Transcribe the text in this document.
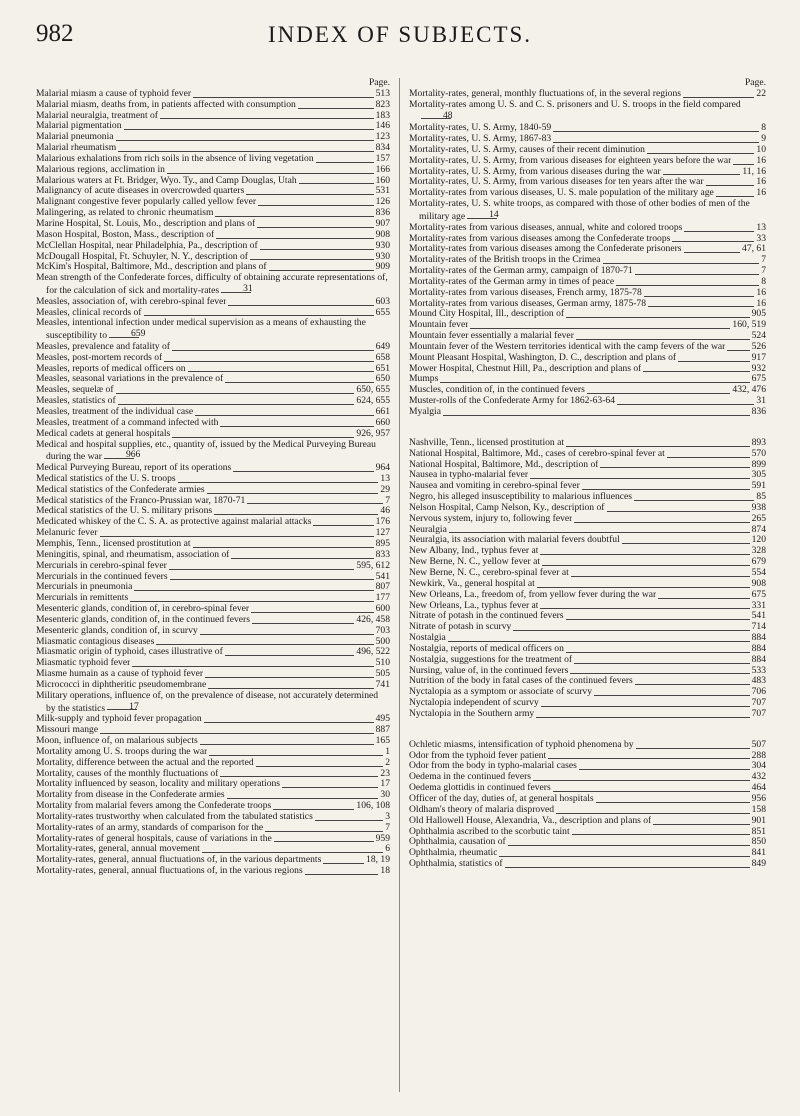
982	INDEX OF SUBJECTS.
Page.
Malarial miasm a cause of typhoid fever	513
Malarial miasm, deaths from, in patients affected with consumption	823
Malarial neuralgia, treatment of	183
Malarial pigmentation	146
Malarial pneumonia	123
Malarial rheumatism	834
Malarious exhalations from rich soils in the absence of living vegetation	157
Malarious regions, acclimation in	166
Malarious waters at Ft. Bridger, Wyo. Ty., and Camp Douglas, Utah	160
Malignancy of acute diseases in overcrowded quarters	531
Malignant congestive fever popularly called yellow fever	126
Malingering, as related to chronic rheumatism	836
Marine Hospital, St. Louis, Mo., description and plans of	907
Mason Hospital, Boston, Mass., description of	908
McClellan Hospital, near Philadelphia, Pa., description of	930
McDougall Hospital, Ft. Schuyler, N. Y., description of	930
McKim's Hospital, Baltimore, Md., description and plans of	909
Mean strength of the Confederate forces, difficulty of obtaining accurate representations of, for the calculation of sick and mortality-rates	31
Measles, association of, with cerebro-spinal fever	603
Measles, clinical records of	655
Measles, intentional infection under medical supervision as a means of exhausting the susceptibility to	659
Measles, prevalence and fatality of	649
Measles, post-mortem records of	658
Measles, reports of medical officers on	651
Measles, seasonal variations in the prevalence of	650
Measles, sequelæ of	650, 655
Measles, statistics of	624, 655
Measles, treatment of the individual case	661
Measles, treatment of a command infected with	660
Medical cadets at general hospitals	926, 957
Medical and hospital supplies, etc., quantity of, issued by the Medical Purveying Bureau during the war	966
Medical Purveying Bureau, report of its operations	964
Medical statistics of the U. S. troops	13
Medical statistics of the Confederate armies	29
Medical statistics of the Franco-Prussian war, 1870-71	7
Medical statistics of the U. S. military prisons	46
Medicated whiskey of the C. S. A. as protective against malarial attacks	176
Melanuric fever	127
Memphis, Tenn., licensed prostitution at	895
Meningitis, spinal, and rheumatism, association of	833
Mercurials in cerebro-spinal fever	595, 612
Mercurials in the continued fevers	541
Mercurials in pneumonia	807
Mercurials in remittents	177
Mesenteric glands, condition of, in cerebro-spinal fever	600
Mesenteric glands, condition of, in the continued fevers	426, 458
Mesenteric glands, condition of, in scurvy	703
Miasmatic contagious diseases	500
Miasmatic origin of typhoid, cases illustrative of	496, 522
Miasmatic typhoid fever	510
Miasme humain as a cause of typhoid fever	505
Micrococci in diphtheritic pseudomembrane	741
Military operations, influence of, on the prevalence of disease, not accurately determined by the statistics	17
Milk-supply and typhoid fever propagation	495
Missouri mange	887
Moon, influence of, on malarious subjects	165
Mortality among U. S. troops during the war	1
Mortality, difference between the actual and the reported	2
Mortality, causes of the monthly fluctuations of	23
Mortality influenced by season, locality and military operations	17
Mortality from disease in the Confederate armies	30
Mortality from malarial fevers among the Confederate troops	106, 108
Mortality-rates trustworthy when calculated from the tabulated statistics	3
Mortality-rates of an army, standards of comparison for the	7
Mortality-rates of general hospitals, cause of variations in the	959
Mortality-rates, general, annual movement	6
Mortality-rates, general, annual fluctuations of, in the various departments	18, 19
Mortality-rates, general, annual fluctuations of, in the various regions	18
Page.
Mortality-rates, general, monthly fluctuations of, in the several regions	22
Mortality-rates among U. S. and C. S. prisoners and U. S. troops in the field compared
48
Mortality-rates, U. S. Army, 1840-59	8
Mortality-rates, U. S. Army, 1867-83	9
Mortality-rates, U. S. Army, causes of their recent diminution	10
Mortality-rates, U. S. Army, from various diseases for eighteen years before the war	16
Mortality-rates, U. S. Army, from various diseases during the war	11, 16
Mortality-rates, U. S. Army, from various diseases for ten years after the war	16
Mortality-rates from various diseases, U. S. male population of the military age	16
Mortality-rates, U. S. white troops, as compared with those of other bodies of men of the military age	14
Mortality-rates from various diseases, annual, white and colored troops	13
Mortality-rates from various diseases among the Confederate troops	33
Mortality-rates from various diseases among the Confederate prisoners	47, 61
Mortality-rates of the British troops in the Crimea	7
Mortality-rates of the German army, campaign of 1870-71	7
Mortality-rates of the German army in times of peace	8
Mortality-rates from various diseases, French army, 1875-78	16
Mortality-rates from various diseases, German army, 1875-78	16
Mound City Hospital, Ill., description of	905
Mountain fever	160, 519
Mountain fever essentially a malarial fever	524
Mountain fever of the Western territories identical with the camp fevers of the war	526
Mount Pleasant Hospital, Washington, D. C., description and plans of	917
Mower Hospital, Chestnut Hill, Pa., description and plans of	932
Mumps	675
Muscles, condition of, in the continued fevers	432, 476
Muster-rolls of the Confederate Army for 1862-63-64	31
Myalgia	836
Nashville, Tenn., licensed prostitution at	893
National Hospital, Baltimore, Md., cases of cerebro-spinal fever at	570
National Hospital, Baltimore, Md., description of	899
Nausea in typho-malarial fever	305
Nausea and vomiting in cerebro-spinal fever	591
Negro, his alleged insusceptibility to malarious influences	85
Nelson Hospital, Camp Nelson, Ky., description of	938
Nervous system, injury to, following fever	265
Neuralgia	874
Neuralgia, its association with malarial fevers doubtful	120
New Albany, Ind., typhus fever at	328
New Berne, N. C., yellow fever at	679
New Berne, N. C., cerebro-spinal fever at	554
Newkirk, Va., general hospital at	908
New Orleans, La., freedom of, from yellow fever during the war	675
New Orleans, La., typhus fever at	331
Nitrate of potash in the continued fevers	541
Nitrate of potash in scurvy	714
Nostalgia	884
Nostalgia, reports of medical officers on	884
Nostalgia, suggestions for the treatment of	884
Nursing, value of, in the continued fevers	533
Nutrition of the body in fatal cases of the continued fevers	483
Nyctalopia as a symptom or associate of scurvy	706
Nyctalopia independent of scurvy	707
Nyctalopia in the Southern army	707
Ochletic miasms, intensification of typhoid phenomena by	507
Odor from the typhoid fever patient	288
Odor from the body in typho-malarial cases	304
Oedema in the continued fevers	432
Oedema glottidis in continued fevers	464
Officer of the day, duties of, at general hospitals	956
Oldham's theory of malaria disproved	158
Old Hallowell House, Alexandria, Va., description and plans of	901
Ophthalmia ascribed to the scorbutic taint	851
Ophthalmia, causation of	850
Ophthalmia, rheumatic	841
Ophthalmia, statistics of	849
